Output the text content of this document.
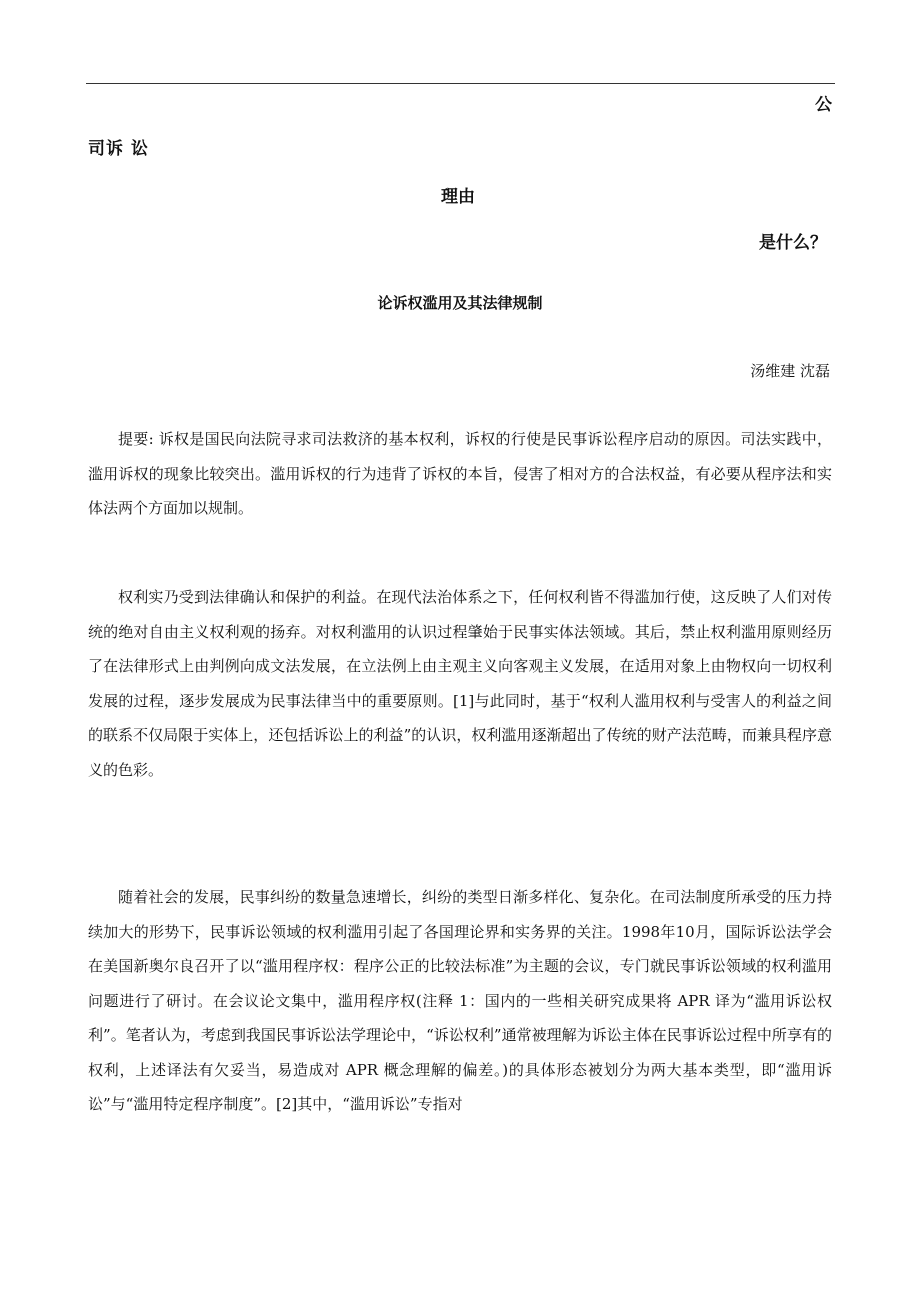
公
司诉 讼
理由
是什么？
论诉权滥用及其法律规制
汤维建 沈磊

提要: 诉权是国民向法院寻求司法救济的基本权利，诉权的行使是民事诉讼程序启动的原因。司法实践中，滥用诉权的现象比较突出。滥用诉权的行为违背了诉权的本旨，侵害了相对方的合法权益，有必要从程序法和实体法两个方面加以规制。

权利实乃受到法律确认和保护的利益。在现代法治体系之下，任何权利皆不得滥加行使，这反映了人们对传统的绝对自由主义权利观的扬弃。对权利滥用的认识过程肇始于民事实体法领域。其后，禁止权利滥用原则经历了在法律形式上由判例向成文法发展，在立法例上由主观主义向客观主义发展，在适用对象上由物权向一切权利发展的过程，逐步发展成为民事法律当中的重要原则。[1]与此同时，基于“权利人滥用权利与受害人的利益之间的联系不仅局限于实体上，还包括诉讼上的利益”的认识，权利滥用逐渐超出了传统的财产法范畴，而兼具程序意义的色彩。

随着社会的发展，民事纠纷的数量急速增长，纠纷的类型日渐多样化、复杂化。在司法制度所承受的压力持续加大的形势下，民事诉讼领域的权利滥用引起了各国理论界和实务界的关注。1998年10月，国际诉讼法学会在美国新奥尔良召开了以“滥用程序权：程序公正的比较法标准”为主题的会议，专门就民事诉讼领域的权利滥用问题进行了研讨。在会议论文集中，滥用程序权(注释 1：国内的一些相关研究成果将 APR 译为“滥用诉讼权利”。笔者认为，考虑到我国民事诉讼法学理论中，“诉讼权利”通常被理解为诉讼主体在民事诉讼过程中所享有的权利，上述译法有欠妥当，易造成对 APR 概念理解的偏差。)的具体形态被划分为两大基本类型，即“滥用诉讼”与“滥用特定程序制度”。[2]其中，“滥用诉讼”专指对
